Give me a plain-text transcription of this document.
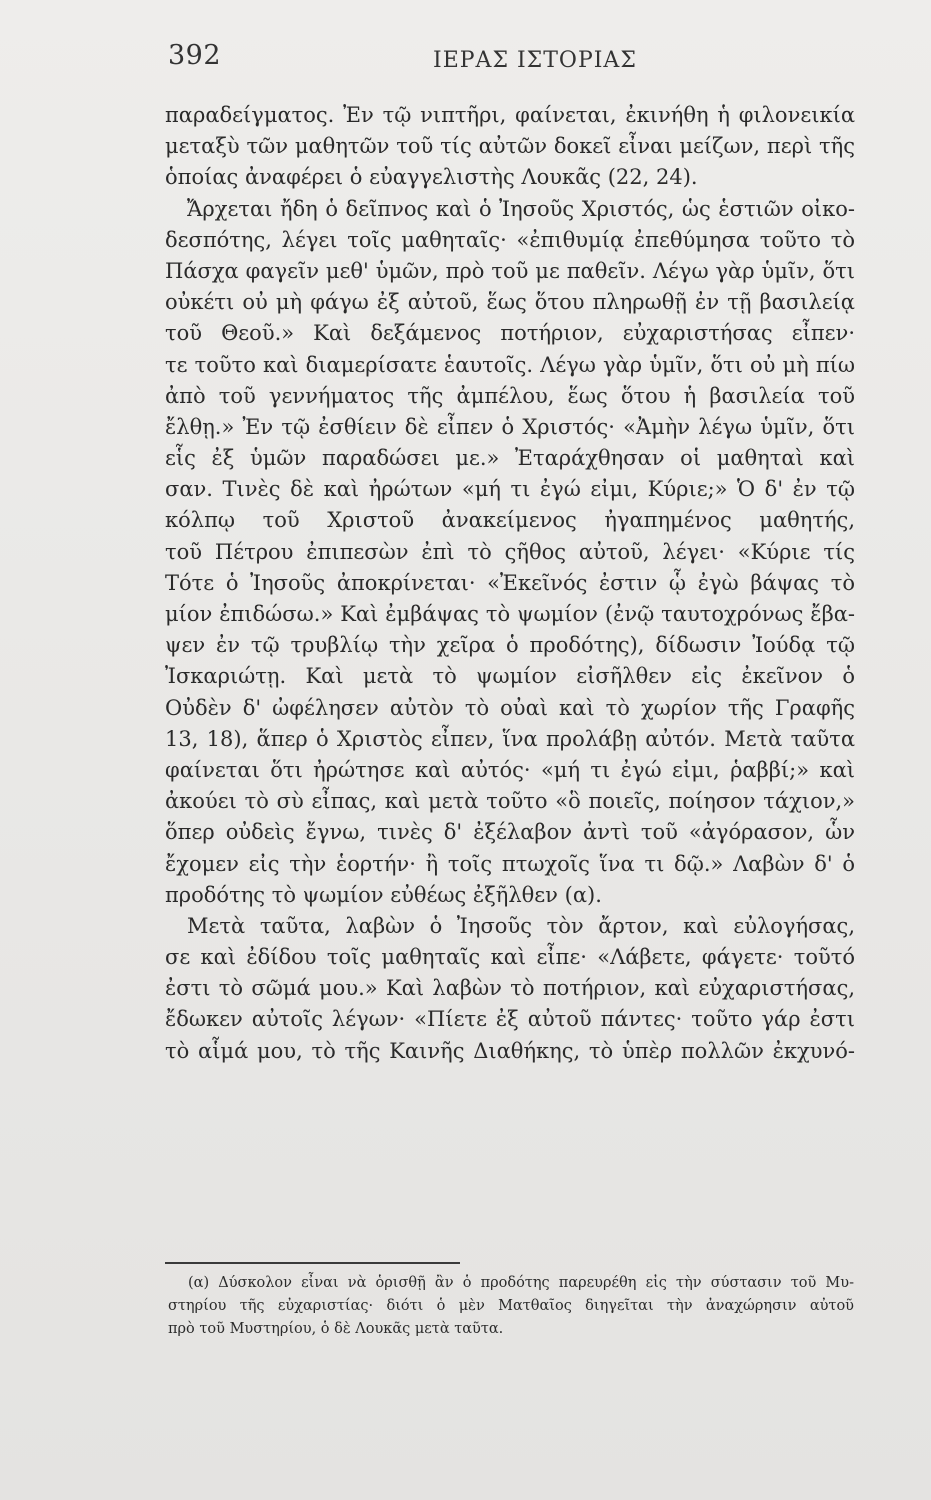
392	ΙΕΡΑΣ ΙΣΤΟΡΙΑΣ
παραδείγματος. Ἐν τῷ νιπτῆρι, φαίνεται, ἐκινήθη ἡ φιλονεικία
μεταξὺ τῶν μαθητῶν τοῦ τίς αὐτῶν δοκεῖ εἶναι μείζων, περὶ τῆς
ὁποίας ἀναφέρει ὁ εὐαγγελιστὴς Λουκᾶς (22, 24).
Ἄρχεται ἤδη ὁ δεῖπνος καὶ ὁ Ἰησοῦς Χριστός, ὡς ἑστιῶν οἰκο-
δεσπότης, λέγει τοῖς μαθηταῖς· «ἐπιθυμίᾳ ἐπεθύμησα τοῦτο τὸ
Πάσχα φαγεῖν μεθ' ὑμῶν, πρὸ τοῦ με παθεῖν. Λέγω γὰρ ὑμῖν, ὅτι
οὐκέτι οὐ μὴ φάγω ἐξ αὐτοῦ, ἕως ὅτου πληρωθῇ ἐν τῇ βασιλείᾳ
τοῦ Θεοῦ.» Καὶ δεξάμενος ποτήριον, εὐχαριστήσας εἶπεν·
τε τοῦτο καὶ διαμερίσατε ἑαυτοῖς. Λέγω γὰρ ὑμῖν, ὅτι οὐ μὴ πίω
ἀπὸ τοῦ γεννήματος τῆς ἀμπέλου, ἕως ὅτου ἡ βασιλεία τοῦ
ἔλθῃ.» Ἐν τῷ ἐσθίειν δὲ εἶπεν ὁ Χριστός· «Ἀμὴν λέγω ὑμῖν, ὅτι
εἷς ἐξ ὑμῶν παραδώσει με.» Ἐταράχθησαν οἱ μαθηταὶ καὶ
σαν. Τινὲς δὲ καὶ ἠρώτων «μή τι ἐγώ εἰμι, Κύριε;» Ὁ δ' ἐν τῷ
κόλπῳ τοῦ Χριστοῦ ἀνακείμενος ἠγαπημένος μαθητής,
τοῦ Πέτρου ἐπιπεσὼν ἐπὶ τὸ ςῆθος αὐτοῦ, λέγει· «Κύριε τίς
Τότε ὁ Ἰησοῦς ἀποκρίνεται· «Ἐκεῖνός ἐστιν ᾧ ἐγὼ βάψας τὸ
μίον ἐπιδώσω.» Καὶ ἐμβάψας τὸ ψωμίον (ἐνῷ ταυτοχρόνως ἔβα-
ψεν ἐν τῷ τρυβλίῳ τὴν χεῖρα ὁ προδότης), δίδωσιν Ἰούδᾳ τῷ
Ἰσκαριώτῃ. Καὶ μετὰ τὸ ψωμίον εἰσῆλθεν εἰς ἐκεῖνον ὁ
Οὐδὲν δ' ὠφέλησεν αὐτὸν τὸ οὐαὶ καὶ τὸ χωρίον τῆς Γραφῆς
13, 18), ἅπερ ὁ Χριστὸς εἶπεν, ἵνα προλάβῃ αὐτόν. Μετὰ ταῦτα
φαίνεται ὅτι ἠρώτησε καὶ αὐτός· «μή τι ἐγώ εἰμι, ῥαββί;» καὶ
ἀκούει τὸ σὺ εἶπας, καὶ μετὰ τοῦτο «ὃ ποιεῖς, ποίησον τάχιον,»
ὅπερ οὐδεὶς ἔγνω, τινὲς δ' ἐξέλαβον ἀντὶ τοῦ «ἀγόρασον, ὧν
ἔχομεν εἰς τὴν ἑορτήν· ἢ τοῖς πτωχοῖς ἵνα τι δῷ.» Λαβὼν δ' ὁ
προδότης τὸ ψωμίον εὐθέως ἐξῆλθεν (α).
Μετὰ ταῦτα, λαβὼν ὁ Ἰησοῦς τὸν ἄρτον, καὶ εὐλογήσας,
σε καὶ ἐδίδου τοῖς μαθηταῖς καὶ εἶπε· «Λάβετε, φάγετε· τοῦτό
ἐστι τὸ σῶμά μου.» Καὶ λαβὼν τὸ ποτήριον, καὶ εὐχαριστήσας,
ἔδωκεν αὐτοῖς λέγων· «Πίετε ἐξ αὐτοῦ πάντες· τοῦτο γάρ ἐστι
τὸ αἷμά μου, τὸ τῆς Καινῆς Διαθήκης, τὸ ὑπὲρ πολλῶν ἐκχυνό-
(α) Δύσκολον εἶναι νὰ ὁρισθῇ ἂν ὁ προδότης παρευρέθη εἰς τὴν σύστασιν τοῦ Μυ-
στηρίου τῆς εὐχαριστίας· διότι ὁ μὲν Ματθαῖος διηγεῖται τὴν ἀναχώρησιν αὐτοῦ
πρὸ τοῦ Μυστηρίου, ὁ δὲ Λουκᾶς μετὰ ταῦτα.
